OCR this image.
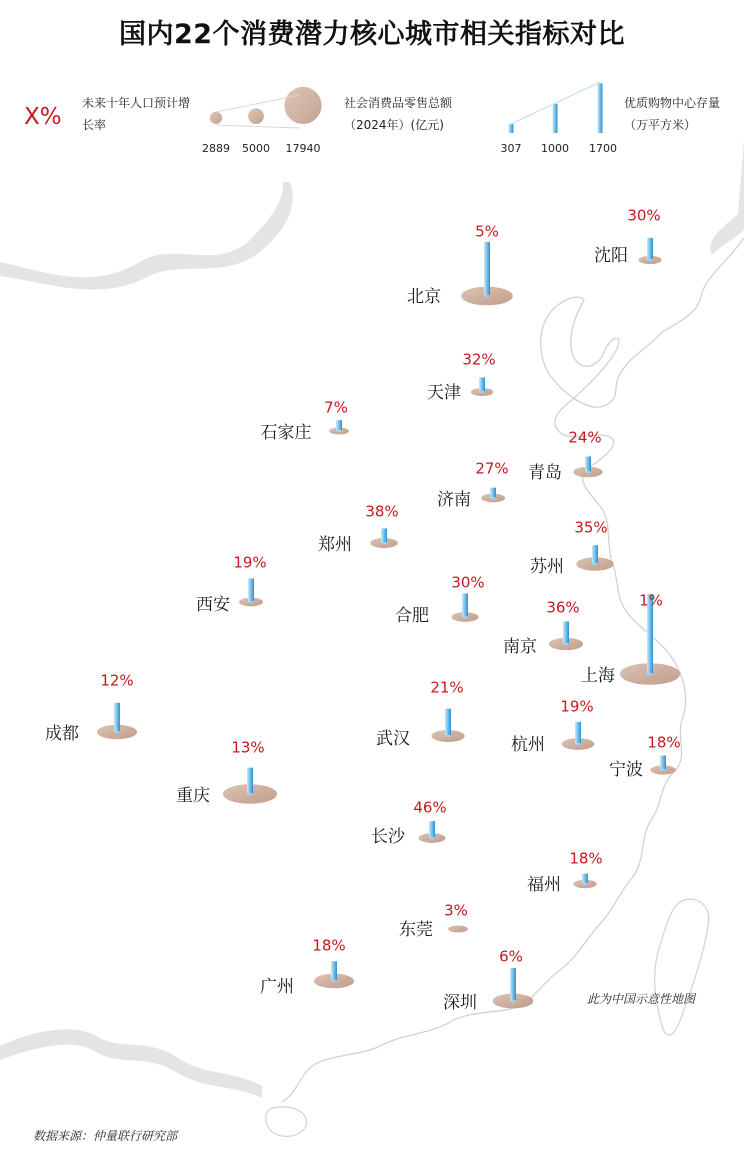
国内22个消费潜力核心城市相关指标对比
X%
未来十年人口预计增长率
社会消费品零售总额（2024年）(亿元)
优质购物中心存量（万平方米）
2889 5000 17940	307 1000 1700
北京
5%
沈阳
30%
天津
32%
石家庄
7%
青岛
24%
济南
27%
郑州
38%
苏州
35%
西安
19%
合肥
30%
南京
36%
上海
1%
成都
12%
武汉
21%
杭州
19%
宁波
18%
重庆
13%
长沙
46%
福州
18%
东莞
3%
广州
18%
深圳
6%
此为中国示意性地图
数据来源：仲量联行研究部
